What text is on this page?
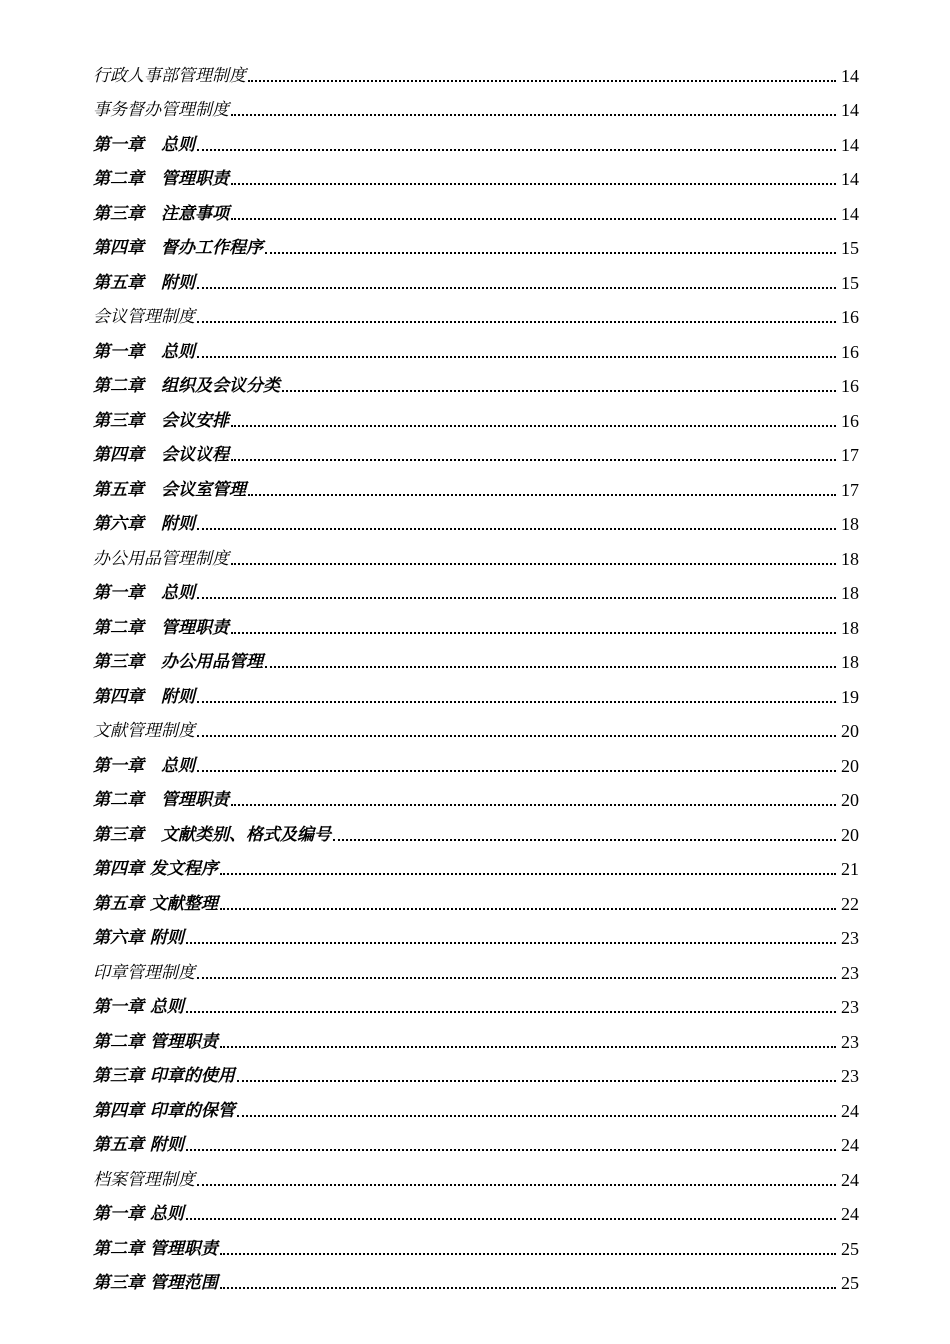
行政人事部管理制度	14
事务督办管理制度	14
第一章　总则	14
第二章　管理职责	14
第三章　注意事项	14
第四章　督办工作程序	15
第五章　附则	15
会议管理制度	16
第一章　总则	16
第二章　组织及会议分类	16
第三章　会议安排	16
第四章　会议议程	17
第五章　会议室管理	17
第六章　附则	18
办公用品管理制度	18
第一章　总则	18
第二章　管理职责	18
第三章　办公用品管理	18
第四章　附则	19
文献管理制度	20
第一章　总则	20
第二章　管理职责	20
第三章　文献类别、格式及编号	20
第四章 发文程序	21
第五章 文献整理	22
第六章 附则	23
印章管理制度	23
第一章 总则	23
第二章 管理职责	23
第三章 印章的使用	23
第四章 印章的保管	24
第五章 附则	24
档案管理制度	24
第一章 总则	24
第二章 管理职责	25
第三章 管理范围	25
